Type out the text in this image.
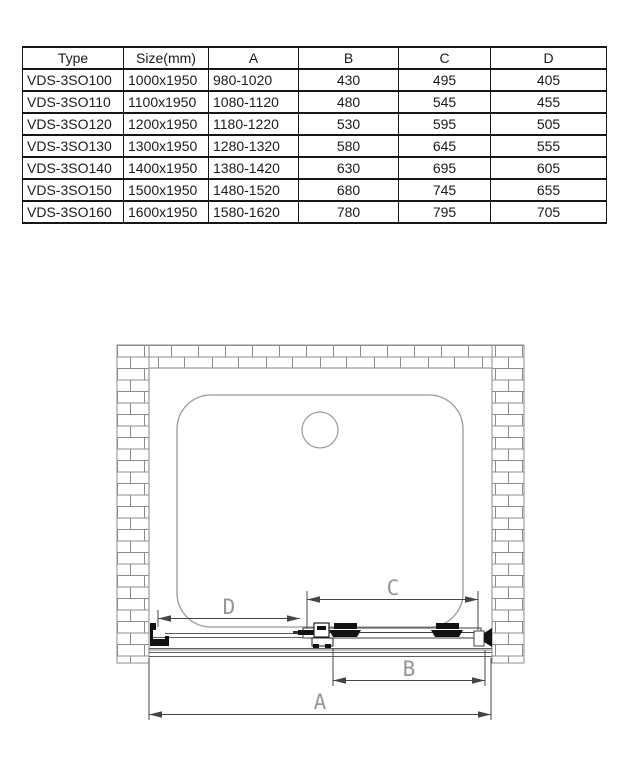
Type	Size(mm)	A	B	C	D
VDS-3SO100	1000x1950	980-1020	430	495	405
VDS-3SO110	1100x1950	1080-1120	480	545	455
VDS-3SO120	1200x1950	1180-1220	530	595	505
VDS-3SO130	1300x1950	1280-1320	580	645	555
VDS-3SO140	1400x1950	1380-1420	630	695	605
VDS-3SO150	1500x1950	1480-1520	680	745	655
VDS-3SO160	1600x1950	1580-1620	780	795	705
D
C
B
A
